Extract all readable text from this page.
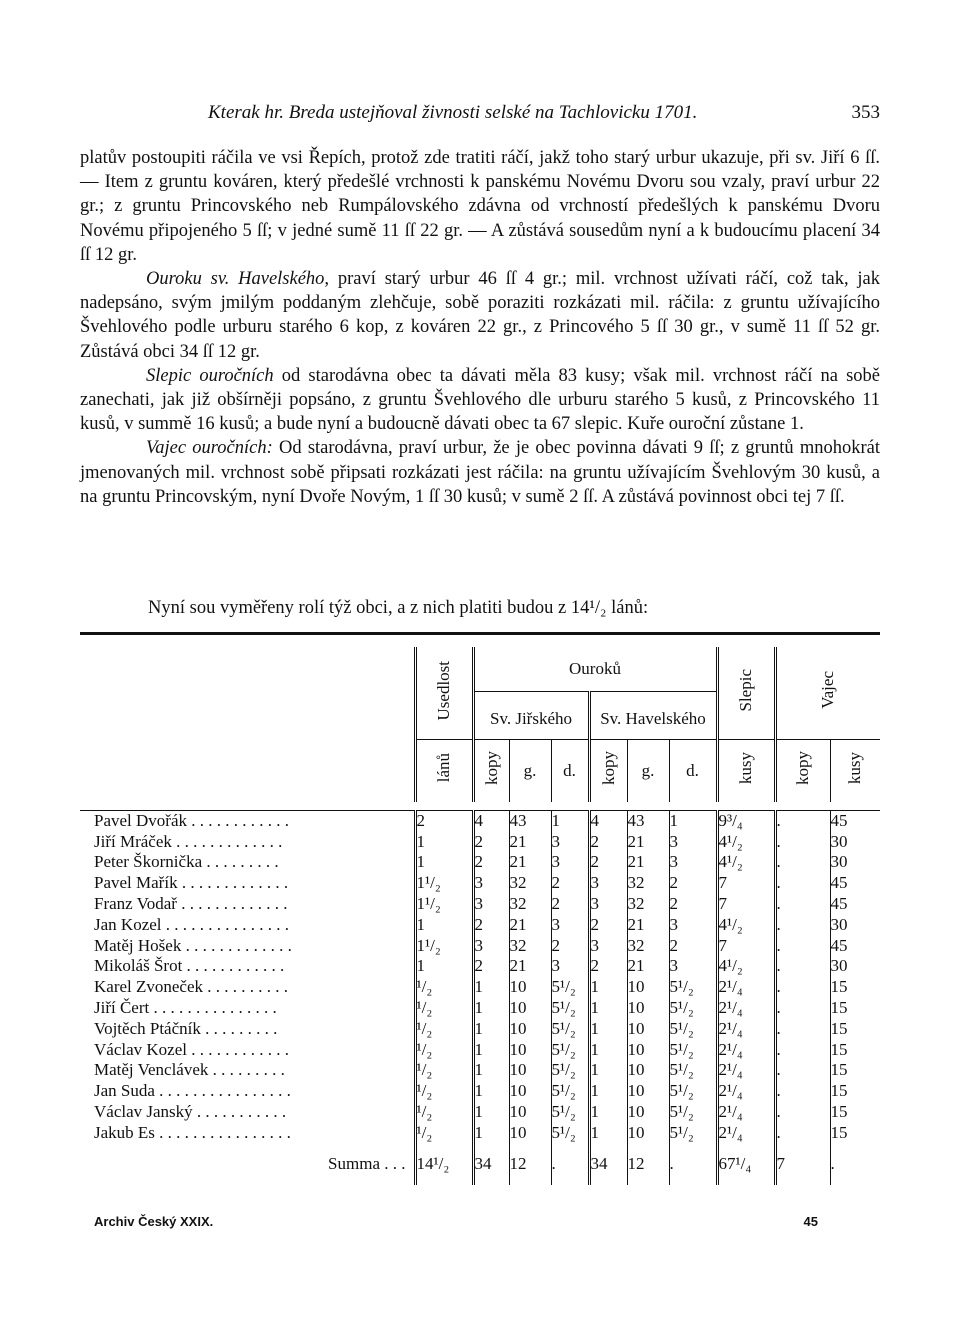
Kterak hr. Breda ustejňoval živnosti selské na Tachlovicku 1701.	353

platův postoupiti ráčila ve vsi Řepích, protož zde tratiti ráčí, jakž toho starý urbur ukazuje, při sv. Jiří 6 ſſ. — Item z gruntu kováren, který předešlé vrchnosti k panskému Novému Dvoru sou vzaly, praví urbur 22 gr.; z gruntu Princovského neb Rumpálovského zdávna od vrchností předešlých k panskému Dvoru Novému připojeného 5 ſſ; v jedné sumě 11 ſſ 22 gr. — A zůstává sousedům nyní a k budoucímu placení 34 ſſ 12 gr.

Ouroku sv. Havelského, praví starý urbur 46 ſſ 4 gr.; mil. vrchnost užívati ráčí, což tak, jak nadepsáno, svým jmilým poddaným zlehčuje, sobě poraziti rozkázati mil. ráčila: z gruntu užívajícího Švehlového podle urburu starého 6 kop, z kováren 22 gr., z Princového 5 ſſ 30 gr., v sumě 11 ſſ 52 gr. Zůstává obci 34 ſſ 12 gr.

Slepic ouročních od starodávna obec ta dávati měla 83 kusy; však mil. vrchnost ráčí na sobě zanechati, jak již obšírněji popsáno, z gruntu Švehlového dle urburu starého 5 kusů, z Princovského 11 kusů, v summě 16 kusů; a bude nyní a budoucně dávati obec ta 67 slepic. Kuře ouroční zůstane 1.

Vajec ouročních: Od starodávna, praví urbur, že je obec povinna dávati 9 ſſ; z gruntů mnohokrát jmenovaných mil. vrchnost sobě připsati rozkázati jest ráčila: na gruntu užívajícím Švehlovým 30 kusů, a na gruntu Princovským, nyní Dvoře Novým, 1 ſſ 30 kusů; v sumě 2 ſſ. A zůstává povinnost obci tej 7 ſſ.

Nyní sou vyměřeny rolí týž obci, a z nich platiti budou z 14¹/₂ lánů:

	Usedlost	Ouroků						Slepic	Vajec	
		Sv. Jiřského			Sv. Havelského					
	lánů	kopy	g.	d.	kopy	g.	d.	kusy	kopy	kusy

Pavel Dvořák . . . . . . . . . . . .	2	4	43	1	4	43	1	9³/₄	.	45
Jiří Mráček . . . . . . . . . . . . .	1	2	21	3	2	21	3	4¹/₂	.	30
Peter Škornička . . . . . . . . .	1	2	21	3	2	21	3	4¹/₂	.	30
Pavel Mařík . . . . . . . . . . . . .	1¹/₂	3	32	2	3	32	2	7	.	45
Franz Vodař . . . . . . . . . . . . .	1¹/₂	3	32	2	3	32	2	7	.	45
Jan Kozel . . . . . . . . . . . . . . .	1	2	21	3	2	21	3	4¹/₂	.	30
Matěj Hošek . . . . . . . . . . . . .	1¹/₂	3	32	2	3	32	2	7	.	45
Mikoláš Šrot . . . . . . . . . . . .	1	2	21	3	2	21	3	4¹/₂	.	30
Karel Zvoneček . . . . . . . . . .	¹/₂	1	10	5¹/₂	1	10	5¹/₂	2¹/₄	.	15
Jiří Čert . . . . . . . . . . . . . . .	¹/₂	1	10	5¹/₂	1	10	5¹/₂	2¹/₄	.	15
Vojtěch Ptáčník . . . . . . . . .	¹/₂	1	10	5¹/₂	1	10	5¹/₂	2¹/₄	.	15
Václav Kozel . . . . . . . . . . . .	¹/₂	1	10	5¹/₂	1	10	5¹/₂	2¹/₄	.	15
Matěj Venclávek . . . . . . . . .	¹/₂	1	10	5¹/₂	1	10	5¹/₂	2¹/₄	.	15
Jan Suda . . . . . . . . . . . . . . . .	¹/₂	1	10	5¹/₂	1	10	5¹/₂	2¹/₄	.	15
Václav Janský . . . . . . . . . . .	¹/₂	1	10	5¹/₂	1	10	5¹/₂	2¹/₄	.	15
Jakub Es . . . . . . . . . . . . . . . .	¹/₂	1	10	5¹/₂	1	10	5¹/₂	2¹/₄	.	15
Summa . . .	14¹/₂	34	12	.	34	12	.	67¹/₄	7	.
Archiv Český XXIX.	45
